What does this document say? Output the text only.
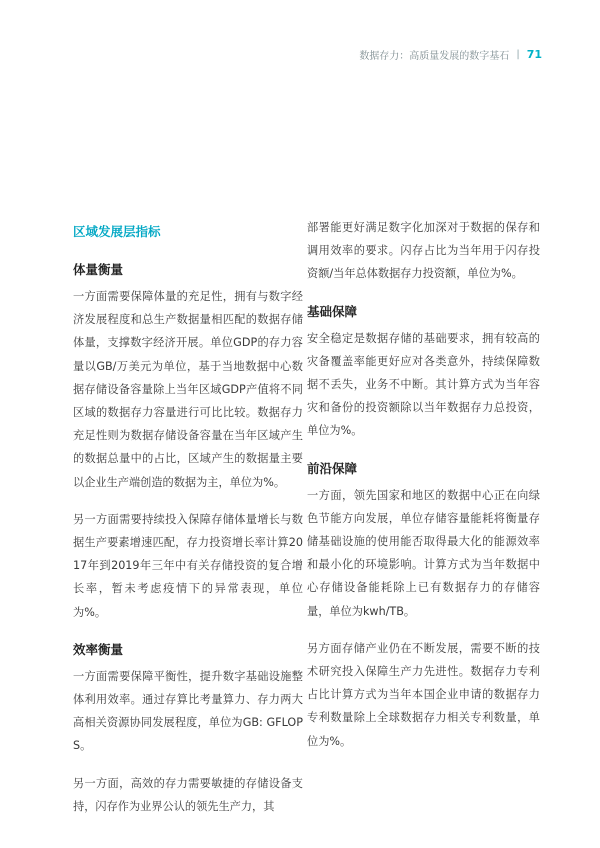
数据存力：高质量发展的数字基石 | 71
区域发展层指标
体量衡量

一方面需要保障体量的充足性，拥有与数字经济发展程度和总生产数据量相匹配的数据存储体量，支撑数字经济开展。单位GDP的存力容量以GB/万美元为单位，基于当地数据中心数据存储设备容量除上当年区域GDP产值将不同区域的数据存力容量进行可比比较。数据存力充足性则为数据存储设备容量在当年区域产生的数据总量中的占比，区域产生的数据量主要以企业生产端创造的数据为主，单位为%。

另一方面需要持续投入保障存储体量增长与数据生产要素增速匹配，存力投资增长率计算2017年到2019年三年中有关存储投资的复合增长率，暂未考虑疫情下的异常表现，单位为%。

效率衡量

一方面需要保障平衡性，提升数字基础设施整体利用效率。通过存算比考量算力、存力两大高相关资源协同发展程度，单位为GB: GFLOPS。

另一方面，高效的存力需要敏捷的存储设备支持，闪存作为业界公认的领先生产力，其

部署能更好满足数字化加深对于数据的保存和调用效率的要求。闪存占比为当年用于闪存投资额/当年总体数据存力投资额，单位为%。

基础保障

安全稳定是数据存储的基础要求，拥有较高的灾备覆盖率能更好应对各类意外，持续保障数据不丢失，业务不中断。其计算方式为当年容灾和备份的投资额除以当年数据存力总投资，单位为%。

前沿保障

一方面，领先国家和地区的数据中心正在向绿色节能方向发展，单位存储容量能耗将衡量存储基础设施的使用能否取得最大化的能源效率和最小化的环境影响。计算方式为当年数据中心存储设备能耗除上已有数据存力的存储容量，单位为kwh/TB。

另方面存储产业仍在不断发展，需要不断的技术研究投入保障生产力先进性。数据存力专利占比计算方式为当年本国企业申请的数据存力专利数量除上全球数据存力相关专利数量，单位为%。
